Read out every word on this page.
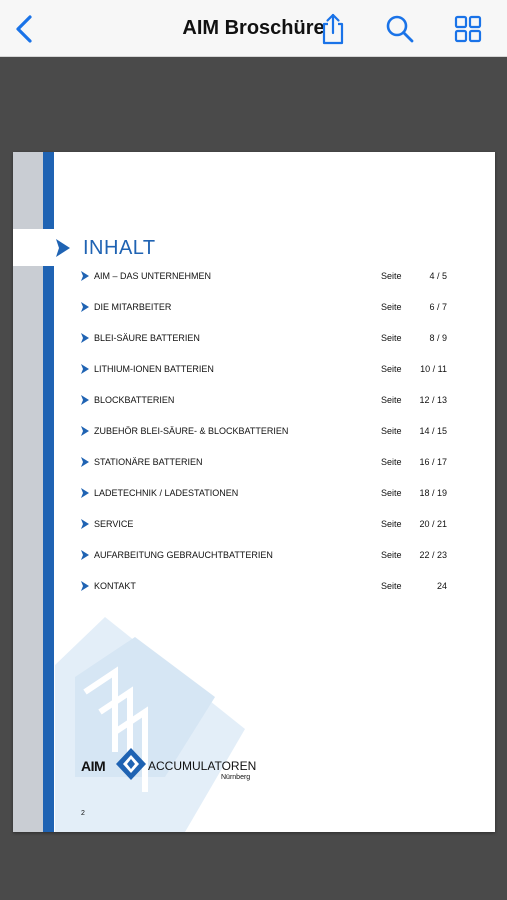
AIM Broschüre
INHALT
AIM – DAS UNTERNEHMEN	Seite	4 / 5
DIE MITARBEITER	Seite	6 / 7
BLEI-SÄURE BATTERIEN	Seite	8 / 9
LITHIUM-IONEN BATTERIEN	Seite	10 / 11
BLOCKBATTERIEN	Seite	12 / 13
ZUBEHÖR BLEI-SÄURE- & BLOCKBATTERIEN	Seite	14 / 15
STATIONÄRE BATTERIEN	Seite	16 / 17
LADETECHNIK / LADESTATIONEN	Seite	18 / 19
SERVICE	Seite	20 / 21
AUFARBEITUNG GEBRAUCHTBATTERIEN	Seite	22 / 23
KONTAKT	Seite	24
AIM	ACCUMULATOREN
Nürnberg
2
